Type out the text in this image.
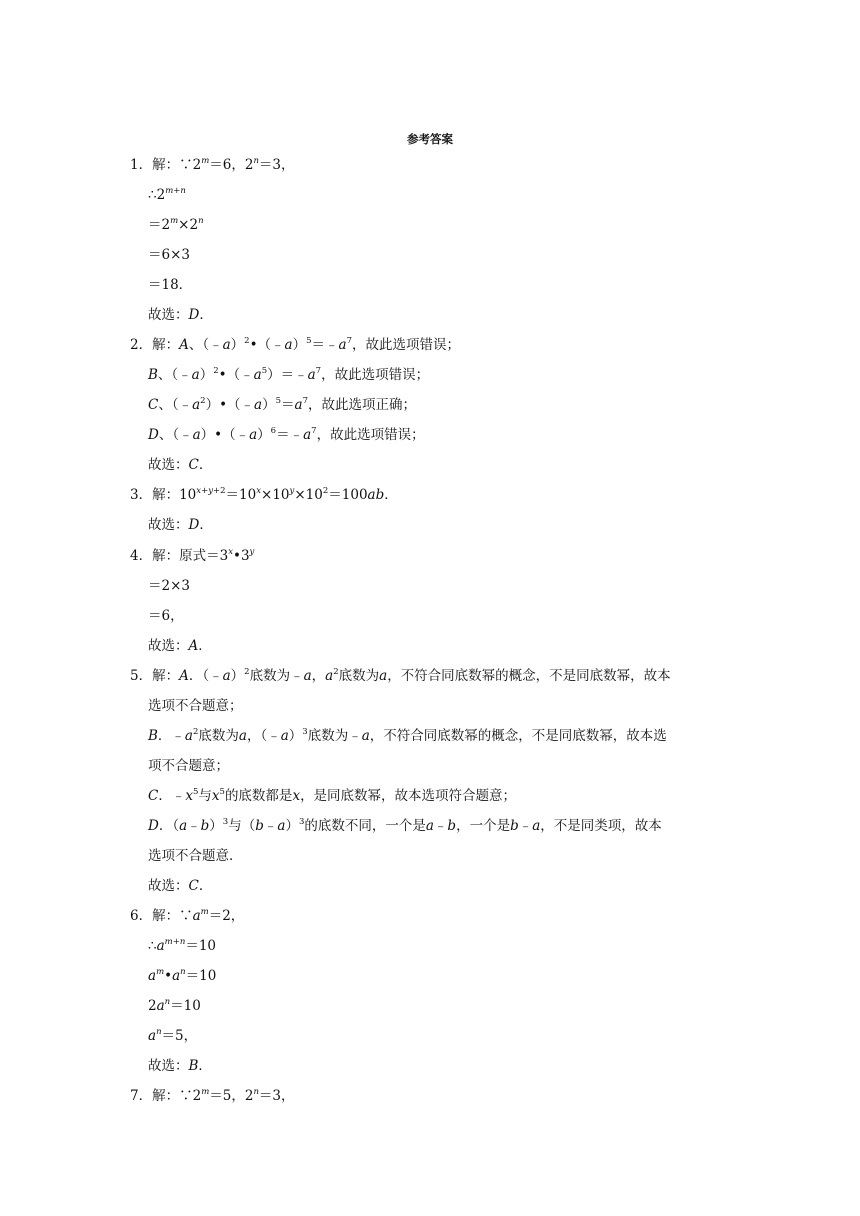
参考答案
1．解：$\because 2^m=6$，$2^n=3$，
$\therefore 2^{m+n}$
$=2^m\times 2^n$
＝6×3
＝18．
故选：D．
2．解：A、$(﹣a)^2•(﹣a)^5=﹣a^7$，故此选项错误；
B、$(﹣a)^2•(﹣a^5)=﹣a^7$，故此选项错误；
C、$(﹣a^2)•(﹣a)^5=a^7$，故此选项正确；
D、$(﹣a)•(﹣a)^6=﹣a^7$，故此选项错误；
故选：C．
3．解：$10^{x+y+2}=10^x\times 10^y\times 10^2=100ab$．
故选：D．
4．解：原式$=3^x•3^y$
＝2×3
＝6，
故选：A．
5．解：A．（﹣a）$^2$底数为﹣a，$a^2$底数为a，不符合同底数幂的概念，不是同底数幂，故本
选项不合题意；
B．$﹣a^2$底数为a，（﹣a）$^3$底数为﹣a，不符合同底数幂的概念，不是同底数幂，故本选
项不合题意；
C．$﹣x^5$与$x^5$的底数都是x，是同底数幂，故本选项符合题意；
D．（a﹣b）$^3$与（b﹣a）$^3$的底数不同，一个是a﹣b，一个是b﹣a，不是同类项，故本
选项不合题意．
故选：C．
6．解：$\because a^m=2$，
$\therefore a^{m+n}=10$
$a^m•a^n=10$
$2a^n=10$
$a^n=5$，
故选：B．
7．解：$\because 2^m=5$，$2^n=3$，
